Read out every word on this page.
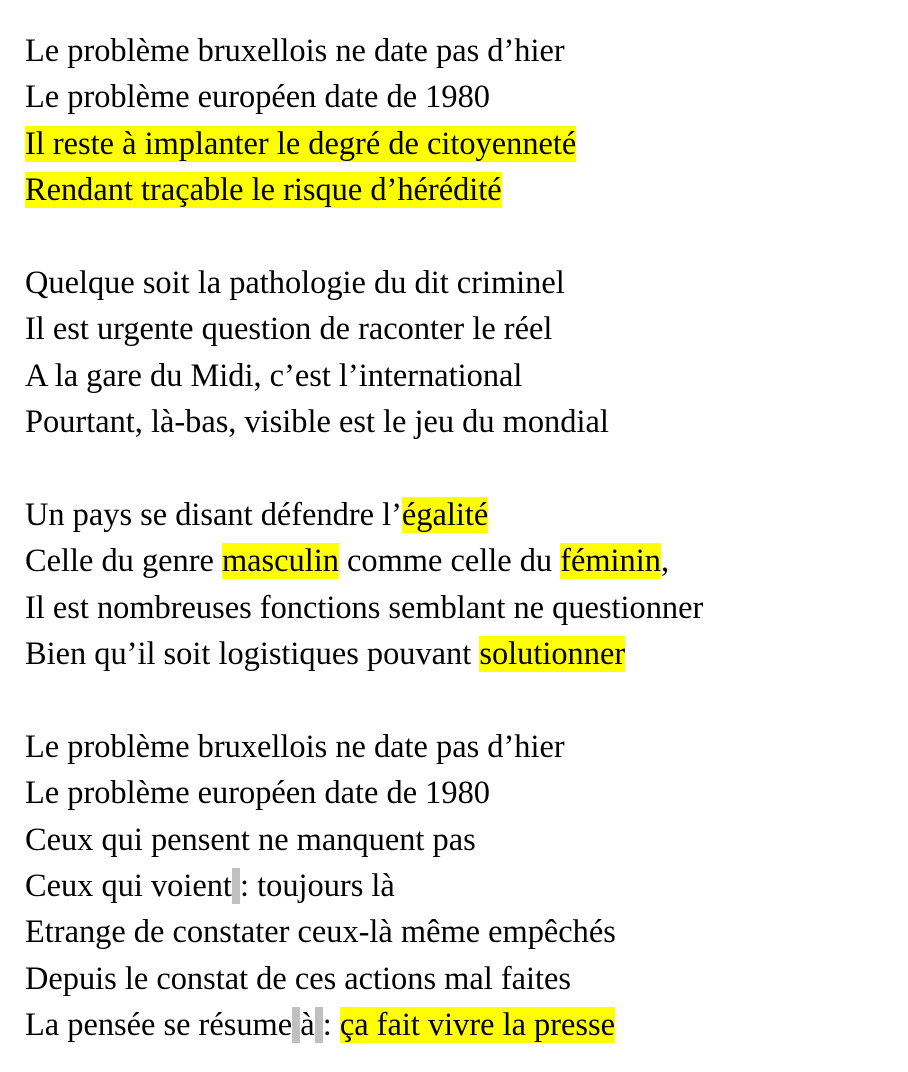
Le problème bruxellois ne date pas d’hier
Le problème européen date de 1980
Il reste à implanter le degré de citoyenneté
Rendant traçable le risque d’hérédité
Quelque soit la pathologie du dit criminel
Il est urgente question de raconter le réel
A la gare du Midi, c’est l’international
Pourtant, là-bas, visible est le jeu du mondial
Un pays se disant défendre l’égalité
Celle du genre masculin comme celle du féminin,
Il est nombreuses fonctions semblant ne questionner
Bien qu’il soit logistiques pouvant solutionner
Le problème bruxellois ne date pas d’hier
Le problème européen date de 1980
Ceux qui pensent ne manquent pas
Ceux qui voient : toujours là
Etrange de constater ceux-là même empêchés
Depuis le constat de ces actions mal faites
La pensée se résume à : ça fait vivre la presse
